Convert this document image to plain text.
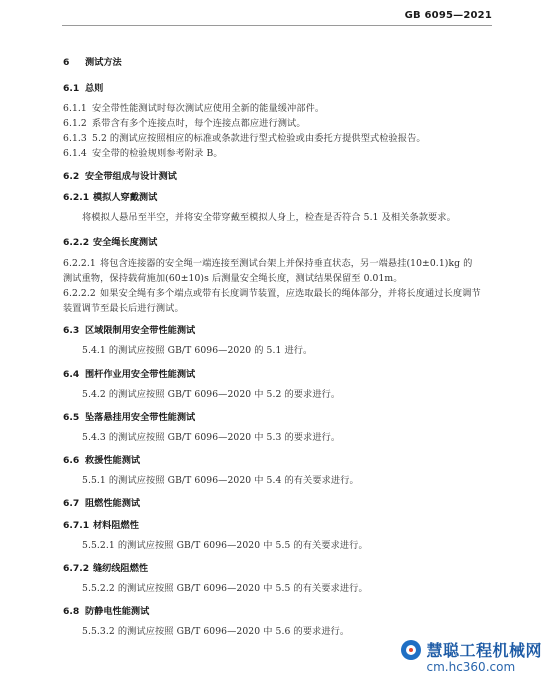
GB 6095—2021
6 测试方法
6.1 总则
6.1.1 安全带性能测试时每次测试应使用全新的能量缓冲部件。
6.1.2 系带含有多个连接点时，每个连接点都应进行测试。
6.1.3 5.2 的测试应按照相应的标准或条款进行型式检验或由委托方提供型式检验报告。
6.1.4 安全带的检验规则参考附录 B。
6.2 安全带组成与设计测试
6.2.1 模拟人穿戴测试
将模拟人悬吊至半空，并将安全带穿戴至模拟人身上，检查是否符合 5.1 及相关条款要求。
6.2.2 安全绳长度测试
6.2.2.1 将包含连接器的安全绳一端连接至测试台架上并保持垂直状态，另一端悬挂(10±0.1)kg 的
测试重物，保持载荷施加(60±10)s 后测量安全绳长度，测试结果保留至 0.01m。
6.2.2.2 如果安全绳有多个端点或带有长度调节装置，应选取最长的绳体部分，并将长度通过长度调节
装置调节至最长后进行测试。
6.3 区域限制用安全带性能测试
5.4.1 的测试应按照 GB/T 6096—2020 的 5.1 进行。
6.4 围杆作业用安全带性能测试
5.4.2 的测试应按照 GB/T 6096—2020 中 5.2 的要求进行。
6.5 坠落悬挂用安全带性能测试
5.4.3 的测试应按照 GB/T 6096—2020 中 5.3 的要求进行。
6.6 救援性能测试
5.5.1 的测试应按照 GB/T 6096—2020 中 5.4 的有关要求进行。
6.7 阻燃性能测试
6.7.1 材料阻燃性
5.5.2.1 的测试应按照 GB/T 6096—2020 中 5.5 的有关要求进行。
6.7.2 缝纫线阻燃性
5.5.2.2 的测试应按照 GB/T 6096—2020 中 5.5 的有关要求进行。
6.8 防静电性能测试
5.5.3.2 的测试应按照 GB/T 6096—2020 中 5.6 的要求进行。
慧聪工程机械网
cm.hc360.com
